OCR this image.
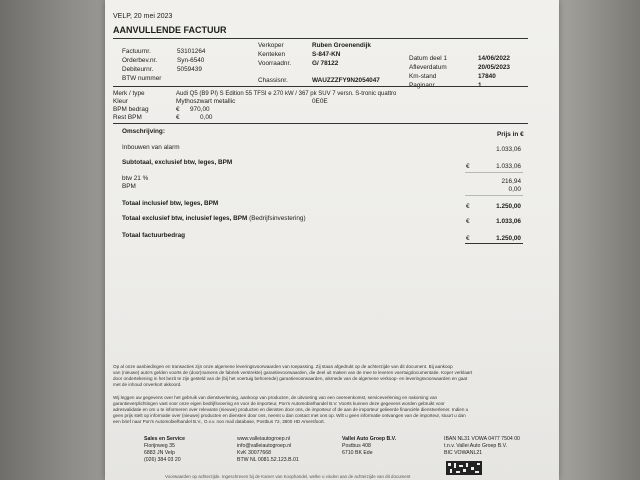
VELP, 20 mei 2023
AANVULLENDE FACTUUR
Factuurnr.	53101264
Orderbev.nr.	Syn-6540
Debiteurnr.	5059439
BTW nummer
Verkoper	Ruben Groenendijk
Kenteken	S-847-KN
Voorraadnr.	G/ 78122
Chassisnr.	WAUZZZFY9N2054047
Datum deel 1	14/06/2022
Afleverdatum	20/05/2023
Km-stand	17840
Paginanr.	1
Merk / type	Audi Q5 (B9 PI) S Edition 55 TFSI e 270 kW / 367 pk SUV 7 versn. S-tronic quattro
Kleur	Mythoszwart metallic	0E0E
BPM bedrag	€ 970,00
Rest BPM	€	0,00
Omschrijving:	Prijs in €
Inbouwen van alarm	1.033,06
Subtotaal, exclusief btw, leges, BPM
€	1.033,06
btw 21 %	216,94
BPM	0,00
Totaal inclusief btw, leges, BPM	€	1.250,00
Totaal exclusief btw, inclusief leges, BPM (Bedrijfsinvestering)	€	1.033,06
Totaal factuurbedrag	€	1.250,00
Op al onze aanbiedingen en transacties zijn onze algemene leveringsvoorwaarden van toepassing. Zij staan afgedrukt op de achterzijde van dit document. Bij aankoop
van (nieuwe) auto's gelden voorts de (door)namens de fabriek verstrekte) garantievoorwaarden, die deel uit maken van de mee te leveren voertuigdocumentatie. Koper verklaart
door ondertekening in het bezit te zijn gesteld van de (bij het voertuig behorende) garantievoorwaarden, alsmede van de algemene verkoop- en leveringsvoorwaarden en gaat
met de inhoud onverkort akkoord.
Wij leggen uw gegevens over het gebruik van dienstverlening, aankoop van producten, de uitvoering van een overeenkomst, serviceverlening en nakoming van
garantieverplichtingen vast voor onze eigen bedrijfsvoering en voor de importeur, Pon's Automobielhandel B.V. Voorts kunnen deze gegevens worden gebruikt voor
adresvalidatie en om u te informeren over relevante (nieuwe) producten en diensten door ons, de importeur of de aan de importeur gelieerde financiële dienstverlener. Indien u
geen prijs stelt op informatie over (nieuwe) producten en diensten door ons, neemt u dan contact met ons op. Wilt u geen informatie ontvangen van de importeur, stuurt u dan
een brief naar Pon's Automobielhandel B.V., O.v.v. non mail database, Postbus 72, 3800 HD Amersfoort.
Sales en Service
Florijnweg 35
6883 JN Velp
(026) 384 03 20
www.valleiautogroep.nl
info@valleiautogroep.nl
KvK 30077668
BTW NL 0081.52.123.B.01
Vallei Auto Groep B.V.
Postbus 408
6710 BK Ede
IBAN NL31 VOWA 0477 7504 00
t.n.v. Vallei Auto Groep B.V.
BIC VOWANL21
Voorwaarden op achterzijde. Ingeschreven bij de Kamer van Koophandel, welke u vinden aan de achterzijde van dit document
